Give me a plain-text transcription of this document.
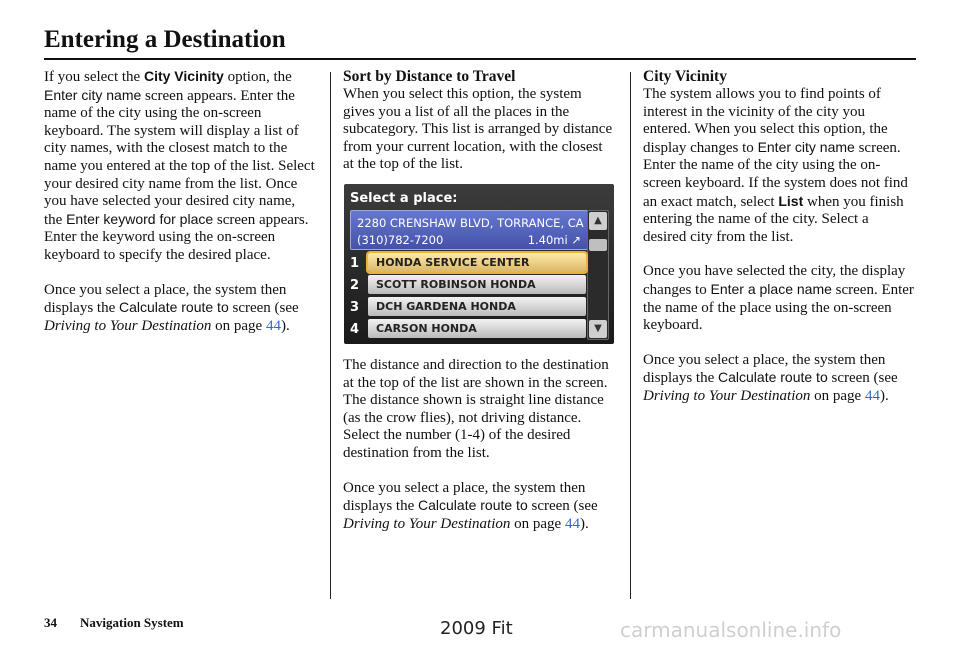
Entering a Destination

If you select the City Vicinity option, the Enter city name screen appears. Enter the name of the city using the on-screen keyboard. The system will display a list of city names, with the closest match to the name you entered at the top of the list. Select your desired city name from the list. Once you have selected your desired city name, the Enter keyword for place screen appears. Enter the keyword using the on-screen keyboard to specify the desired place.

Once you select a place, the system then displays the Calculate route to screen (see Driving to Your Destination on page 44).

Sort by Distance to Travel

When you select this option, the system gives you a list of all the places in the subcategory. This list is arranged by distance from your current location, with the closest at the top of the list.

Select a place:
2280 CRENSHAW BLVD, TORRANCE, CA
(310)782-7200	1.40mi ↗
▲
▼
1	HONDA SERVICE CENTER
2	SCOTT ROBINSON HONDA
3	DCH GARDENA HONDA
4	CARSON HONDA

The distance and direction to the destination at the top of the list are shown in the screen. The distance shown is straight line distance (as the crow flies), not driving distance. Select the number (1-4) of the desired destination from the list.

Once you select a place, the system then displays the Calculate route to screen (see Driving to Your Destination on page 44).

City Vicinity

The system allows you to find points of interest in the vicinity of the city you entered. When you select this option, the display changes to Enter city name screen. Enter the name of the city using the on-screen keyboard. If the system does not find an exact match, select List when you finish entering the name of the city. Select a desired city from the list.

Once you have selected the city, the display changes to Enter a place name screen. Enter the name of the place using the on-screen keyboard.

Once you select a place, the system then displays the Calculate route to screen (see Driving to Your Destination on page 44).

34 Navigation System	2009 Fit	carmanualsonline.info
